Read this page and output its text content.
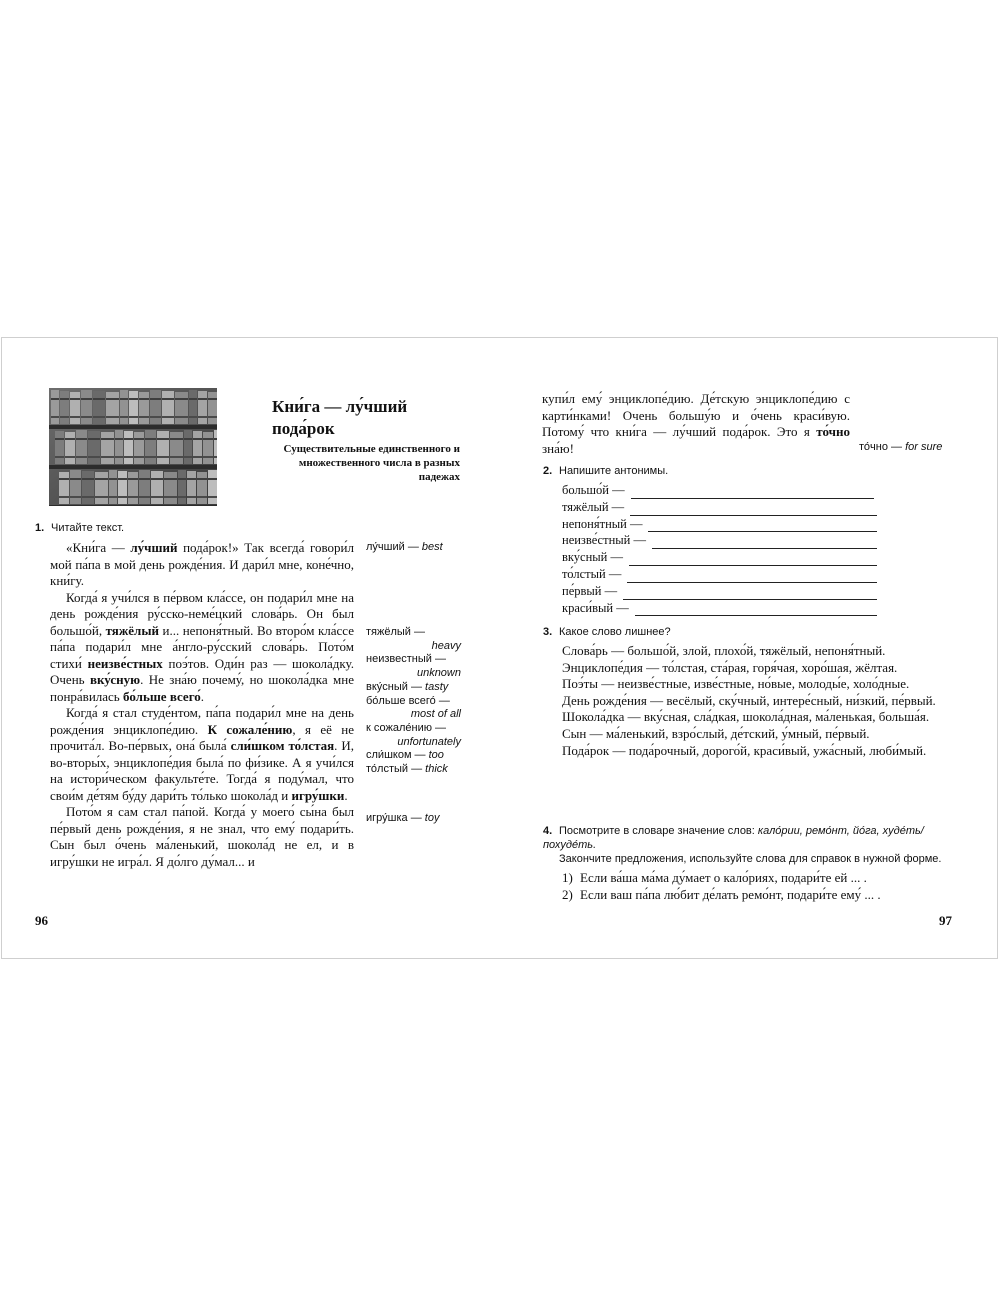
Кни́га — лу́чший пода́рок
Существительные единственного и множественного числа в разных падежах
1. Читайте текст.

«Кни́га — лу́чший пода́рок!» Так всегда́ говори́л мой па́па в мой день рожде́ния. И дари́л мне, коне́чно, кни́гу.

Когда́ я учи́лся в пе́рвом кла́ссе, он подари́л мне на день рожде́ния ру́сско-неме́цкий слова́рь. Он был большо́й, тяжёлый и... непоня́тный. Во второ́м кла́ссе па́па подари́л мне а́нгло-ру́сский слова́рь. Пото́м стихи́ неизве́стных поэ́тов. Оди́н раз — шокола́дку. Очень вку́сную. Не зна́ю почему́, но шокола́дка мне понра́вилась бо́льше всего́.

Когда́ я стал студе́нтом, па́па подари́л мне на день рожде́ния энциклопе́дию. К сожале́нию, я её не прочита́л. Во-пе́рвых, она́ была́ сли́шком то́лстая. И, во-вторы́х, энциклопе́дия была́ по фи́зике. А я учи́лся на истори́ческом факульте́те. Тогда́ я поду́мал, что свои́м де́тям бу́ду дари́ть то́лько шокола́д и игру́шки.

Пото́м я сам стал па́пой. Когда́ у моего́ сы́на был пе́рвый день рожде́ния, я не знал, что ему́ подари́ть. Сын был о́чень ма́ленький, шокола́д не ел, и в игру́шки не игра́л. Я до́лго ду́мал... и

лу́чший — best
тяжёлый —
heavy
неизвестный —
unknown
вку́сный — tasty
бо́льше всего́ —
most of all
к сожале́нию —
unfortunately
сли́шком — too
то́лстый — thick
игру́шка — toy
96
купи́л ему́ энциклопе́дию. Де́тскую энциклопе́дию с карти́нками! Очень большу́ю и о́чень краси́вую. Потому́ что кни́га — лу́чший пода́рок. Это я то́чно зна́ю!	то́чно — for sure
2. Напишите антонимы.
большо́й —
тяжёлый —
непоня́тный —
неизве́стный —
вку́сный —
то́лстый —
пе́рвый —
краси́вый —
3. Какое слово лишнее?

Слова́рь — большо́й, злой, плохо́й, тяжёлый, непоня́тный.

Энциклопе́дия — то́лстая, ста́рая, горя́чая, хоро́шая, жёлтая.

Поэ́ты — неизве́стные, изве́стные, но́вые, молоды́е, холо́дные.

День рожде́ния — весёлый, ску́чный, интере́сный, ни́зкий, пе́рвый.

Шокола́дка — вку́сная, сла́дкая, шокола́дная, ма́ленькая, больша́я.

Сын — ма́ленький, взро́слый, де́тский, у́мный, пе́рвый.

Пода́рок — пода́рочный, дорого́й, краси́вый, ужа́сный, люби́мый.

4. Посмотрите в словаре значение слов: кало́рии, ремо́нт, йо́га, худе́ть/похуде́ть.
Закончите предложения, используйте слова для справок в нужной форме.
1) Если ва́ша ма́ма ду́мает о кало́риях, подари́те ей ... .
2) Если ваш па́па лю́бит де́лать ремо́нт, подари́те ему́ ... .
97
